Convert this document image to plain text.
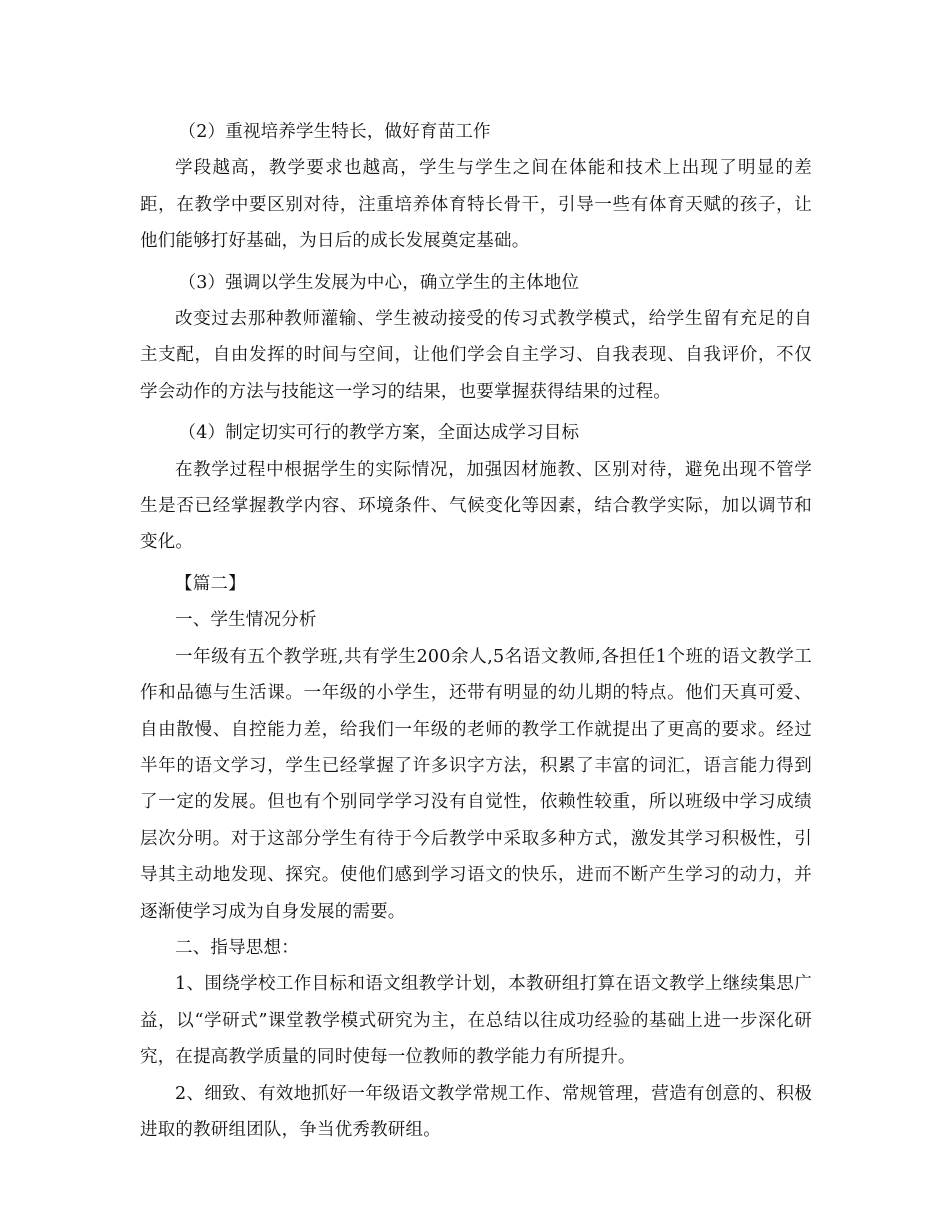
（2）重视培养学生特长，做好育苗工作

学段越高，教学要求也越高，学生与学生之间在体能和技术上出现了明显的差距，在教学中要区别对待，注重培养体育特长骨干，引导一些有体育天赋的孩子，让他们能够打好基础，为日后的成长发展奠定基础。

（3）强调以学生发展为中心，确立学生的主体地位

改变过去那种教师灌输、学生被动接受的传习式教学模式，给学生留有充足的自主支配，自由发挥的时间与空间，让他们学会自主学习、自我表现、自我评价，不仅学会动作的方法与技能这一学习的结果，也要掌握获得结果的过程。

（4）制定切实可行的教学方案，全面达成学习目标

在教学过程中根据学生的实际情况，加强因材施教、区别对待，避免出现不管学生是否已经掌握教学内容、环境条件、气候变化等因素，结合教学实际，加以调节和变化。

【篇二】

一、学生情况分析

一年级有五个教学班,共有学生200余人,5名语文教师,各担任1个班的语文教学工作和品德与生活课。一年级的小学生，还带有明显的幼儿期的特点。他们天真可爱、自由散慢、自控能力差，给我们一年级的老师的教学工作就提出了更高的要求。经过半年的语文学习，学生已经掌握了许多识字方法，积累了丰富的词汇，语言能力得到了一定的发展。但也有个别同学学习没有自觉性，依赖性较重，所以班级中学习成绩层次分明。对于这部分学生有待于今后教学中采取多种方式，激发其学习积极性，引导其主动地发现、探究。使他们感到学习语文的快乐，进而不断产生学习的动力，并逐渐使学习成为自身发展的需要。

二、指导思想：

1、围绕学校工作目标和语文组教学计划，本教研组打算在语文教学上继续集思广益，以“学研式”课堂教学模式研究为主，在总结以往成功经验的基础上进一步深化研究，在提高教学质量的同时使每一位教师的教学能力有所提升。

2、细致、有效地抓好一年级语文教学常规工作、常规管理，营造有创意的、积极进取的教研组团队，争当优秀教研组。
